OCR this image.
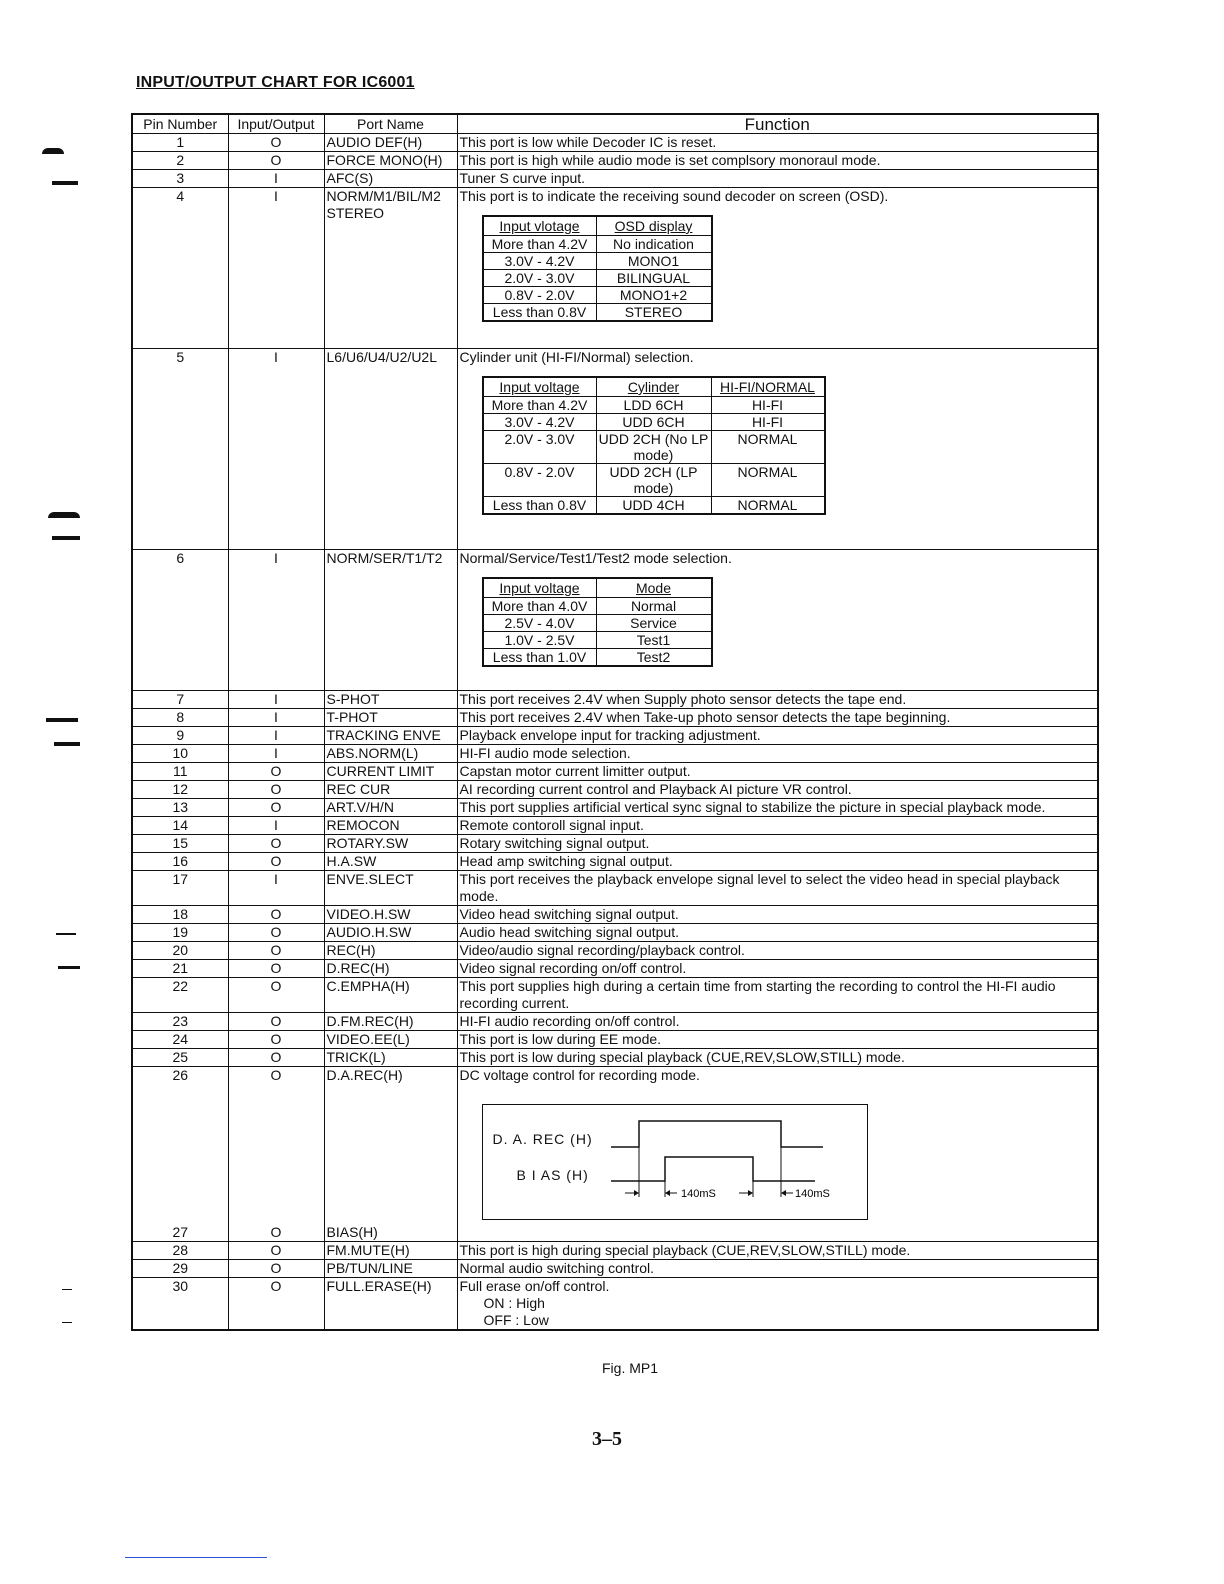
INPUT/OUTPUT CHART FOR IC6001
Pin Number	Input/Output	Port Name	Function
1	O	AUDIO DEF(H)	This port is low while Decoder IC is reset.
2	O	FORCE MONO(H)	This port is high while audio mode is set complsory monoraul mode.
3	I	AFC(S)	Tuner S curve input.
4	I	NORM/M1/BIL/M2 STEREO	This port is to indicate the receiving sound decoder on screen (OSD).
Input vlotage	OSD display
More than 4.2V	No indication
3.0V - 4.2V	MONO1
2.0V - 3.0V	BILINGUAL
0.8V - 2.0V	MONO1+2
Less than 0.8V	STEREO

5	I	L6/U6/U4/U2/U2L	Cylinder unit (HI-FI/Normal) selection.
Input voltage	Cylinder	HI-FI/NORMAL
More than 4.2V	LDD 6CH	HI-FI
3.0V - 4.2V	UDD 6CH	HI-FI
2.0V - 3.0V	UDD 2CH (No LP mode)	NORMAL
0.8V - 2.0V	UDD 2CH (LP mode)	NORMAL
Less than 0.8V	UDD 4CH	NORMAL

6	I	NORM/SER/T1/T2	Normal/Service/Test1/Test2 mode selection.
Input voltage	Mode
More than 4.0V	Normal
2.5V - 4.0V	Service
1.0V - 2.5V	Test1
Less than 1.0V	Test2

7	I	S-PHOT	This port receives 2.4V when Supply photo sensor detects the tape end.
8	I	T-PHOT	This port receives 2.4V when Take-up photo sensor detects the tape beginning.
9	I	TRACKING ENVE	Playback envelope input for tracking adjustment.
10	I	ABS.NORM(L)	HI-FI audio mode selection.
11	O	CURRENT LIMIT	Capstan motor current limitter output.
12	O	REC CUR	AI recording current control and Playback AI picture VR control.
13	O	ART.V/H/N	This port supplies artificial vertical sync signal to stabilize the picture in special playback mode.
14	I	REMOCON	Remote contoroll signal input.
15	O	ROTARY.SW	Rotary switching signal output.
16	O	H.A.SW	Head amp switching signal output.
17	I	ENVE.SLECT	This port receives the playback envelope signal level to select the video head in special playback mode.
18	O	VIDEO.H.SW	Video head switching signal output.
19	O	AUDIO.H.SW	Audio head switching signal output.
20	O	REC(H)	Video/audio signal recording/playback control.
21	O	D.REC(H)	Video signal recording on/off control.
22	O	C.EMPHA(H)	This port supplies high during a certain time from starting the recording to control the HI-FI audio recording current.
23	O	D.FM.REC(H)	HI-FI audio recording on/off control.
24	O	VIDEO.EE(L)	This port is low during EE mode.
25	O	TRICK(L)	This port is low during special playback (CUE,REV,SLOW,STILL) mode.
26	O	D.A.REC(H)	DC voltage control for recording mode.
D. A. REC (H)
B I AS (H)
140mS	140mS

27	O	BIAS(H)	
28	O	FM.MUTE(H)	This port is high during special playback (CUE,REV,SLOW,STILL) mode.
29	O	PB/TUN/LINE	Normal audio switching control.
30	O	FULL.ERASE(H)	Full erase on/off control.
ON : High
OFF : Low
Fig. MP1
3–5
